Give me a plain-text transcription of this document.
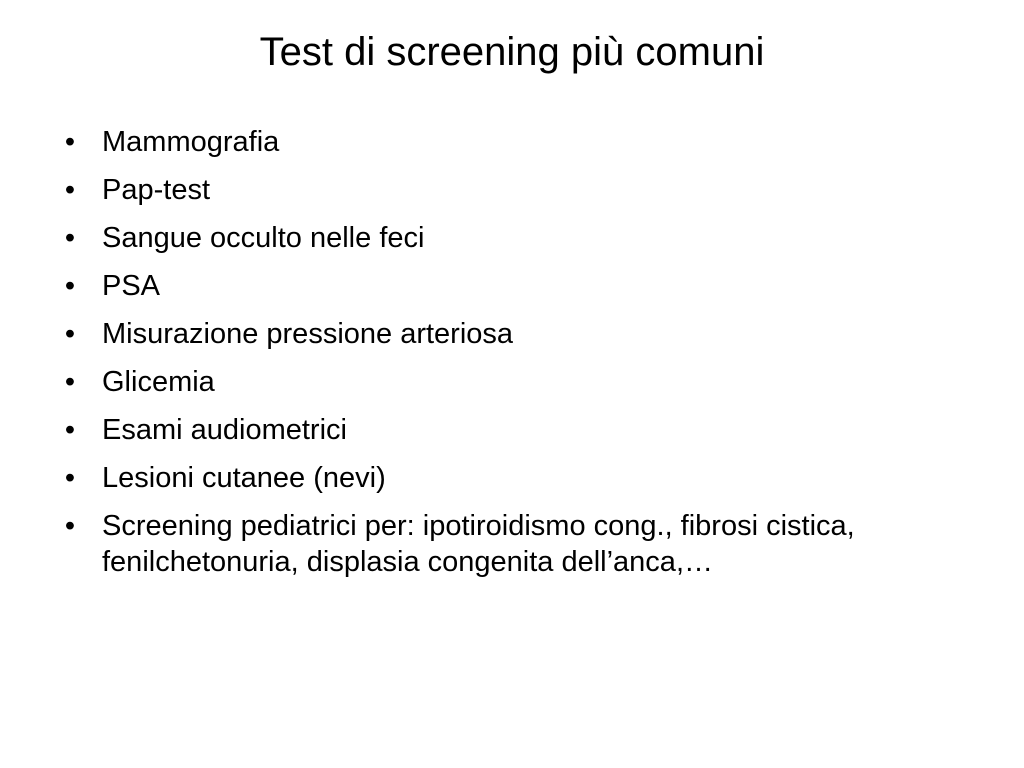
Test di screening più comuni
• Mammografia
• Pap-test
• Sangue occulto nelle feci
• PSA
• Misurazione pressione arteriosa
• Glicemia
• Esami audiometrici
• Lesioni cutanee (nevi)
• Screening pediatrici per: ipotiroidismo cong., fibrosi cistica, fenilchetonuria, displasia congenita dell’anca,…
